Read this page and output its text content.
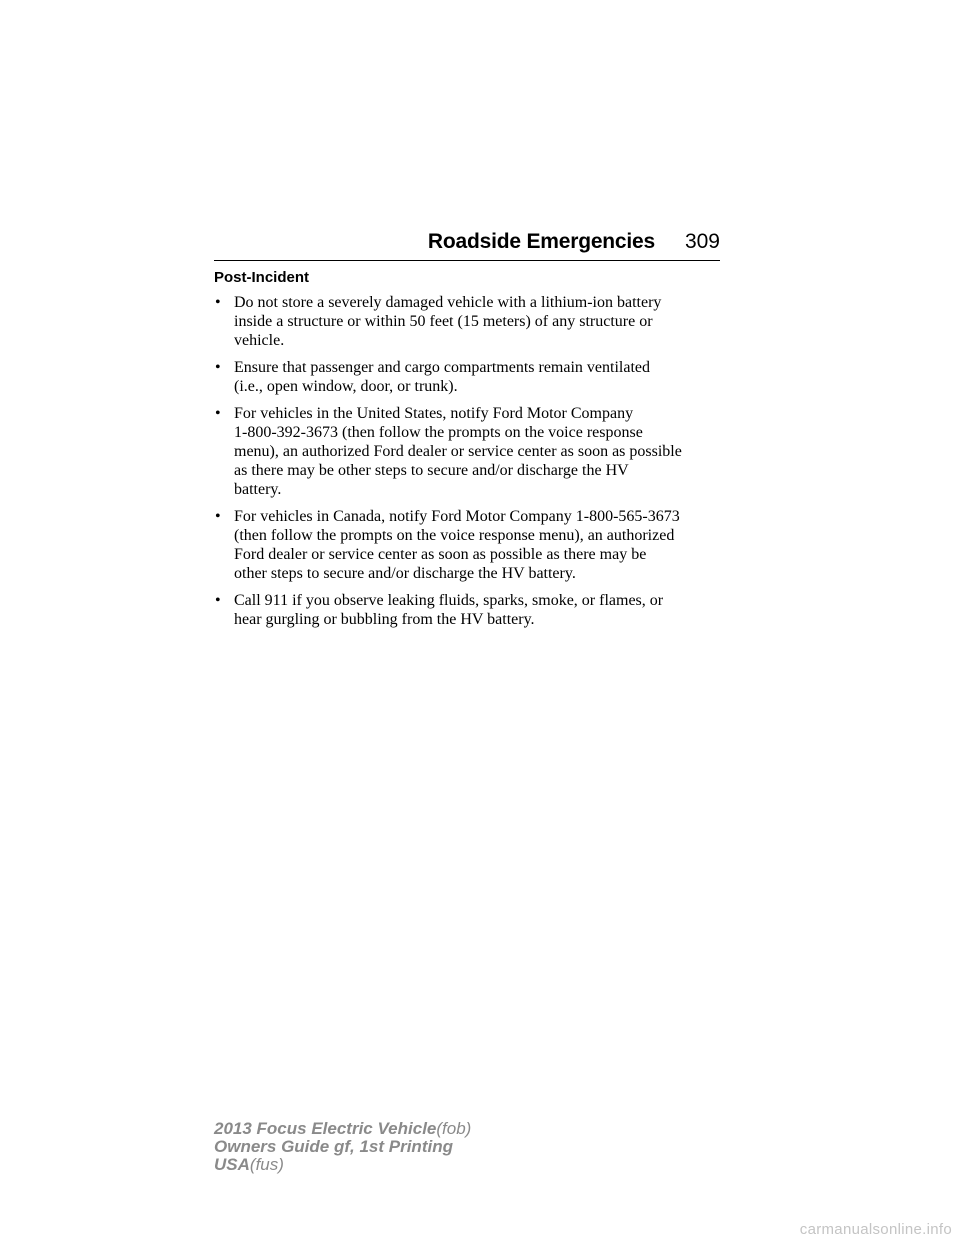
Roadside Emergencies 309
Post-Incident
• Do not store a severely damaged vehicle with a lithium-ion battery
inside a structure or within 50 feet (15 meters) of any structure or
vehicle.
• Ensure that passenger and cargo compartments remain ventilated
(i.e., open window, door, or trunk).
• For vehicles in the United States, notify Ford Motor Company
1-800-392-3673 (then follow the prompts on the voice response
menu), an authorized Ford dealer or service center as soon as possible
as there may be other steps to secure and/or discharge the HV
battery.
• For vehicles in Canada, notify Ford Motor Company 1-800-565-3673
(then follow the prompts on the voice response menu), an authorized
Ford dealer or service center as soon as possible as there may be
other steps to secure and/or discharge the HV battery.
• Call 911 if you observe leaking fluids, sparks, smoke, or flames, or
hear gurgling or bubbling from the HV battery.
2013 Focus Electric Vehicle(fob)
Owners Guide gf, 1st Printing
USA(fus)
carmanualsonline.info
